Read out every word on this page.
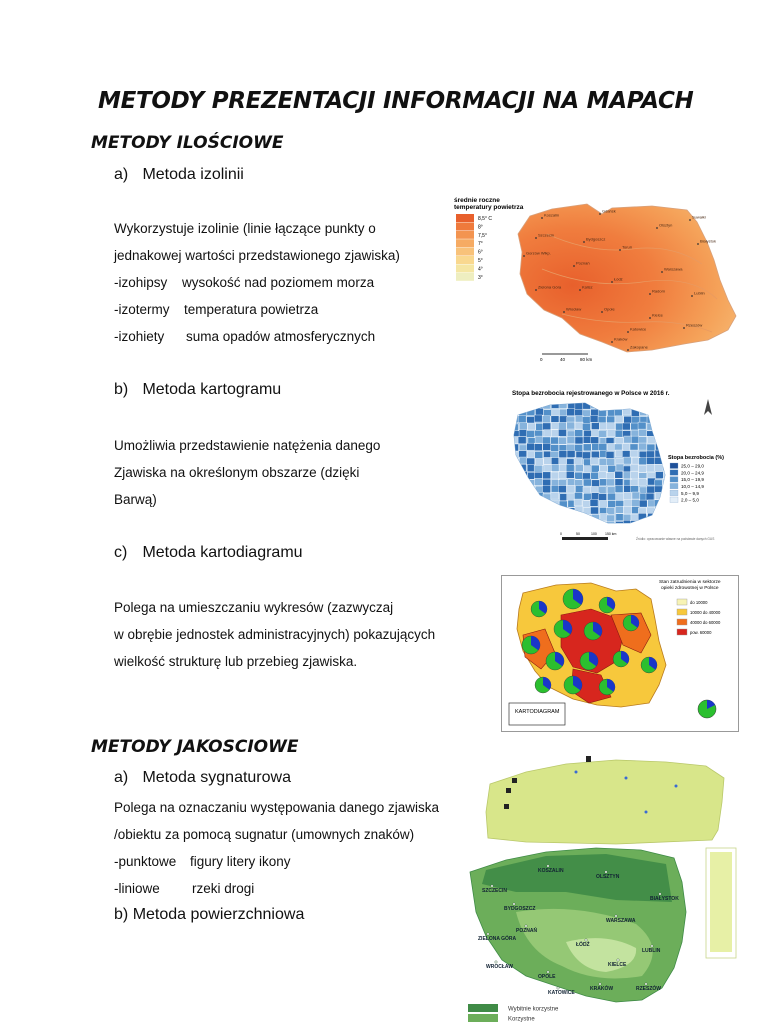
METODY PREZENTACJI INFORMACJI NA MAPACH
METODY ILOŚCIOWE
a) Metoda izolinii
Wykorzystuje izolinie (linie łączące punkty o
jednakowej wartości przedstawionego zjawiska)
-izohipsy wysokość nad poziomem morza
-izotermy temperatura powietrza
-izohiety suma opadów atmosferycznych
b) Metoda kartogramu
Umożliwia przedstawienie natężenia danego
Zjawiska na określonym obszarze (dzięki
Barwą)
c) Metoda kartodiagramu
Polega na umieszczaniu wykresów (zazwyczaj
w obrębie jednostek administracyjnych) pokazujących
wielkość strukturę lub przebieg zjawiska.
METODY JAKOSCIOWE
a) Metoda sygnaturowa
Polega na oznaczaniu występowania danego zjawiska
/obiektu za pomocą sugnatur (umownych znaków)
-punktowe figury litery ikony
-liniowe rzeki drogi
b) Metoda powierzchniowa
średnie roczne
temperatury powietrza
8,5° C
8°
7,5°
7°
6°
5°
4°
3°
Gdańsk
Koszalin
Olsztyn
Suwałki
Szczecin
Bydgoszcz	Białystok
Gorzów Wlkp.
Toruń
Poznań
Warszawa
Łódź
Zielona Góra	Kalisz
Radom	Lublin
Wrocław
Kielce
Opole
Katowice
Rzeszów
Kraków
Zakopane
0	40	80 km
Stopa bezrobocia rejestrowanego w Polsce w 2016 r.
Stopa bezrobocia (%)
25,0 – 29,0
20,0 – 24,9
15,0 – 19,9
10,0 – 14,9
5,0 – 9,9
2,0 – 5,0
0	50	100 150 km
Źródło: opracowanie własne na podstawie danych GUS
Stan zatrudnienia w sektorze
opieki zdrowotnej w Polsce
do 10000
10000 do 40000
40000 do 60000
pow. 60000
KARTODIAGRAM
SZCZECIN
KOSZALIN
OLSZTYN
BYDGOSZCZ
BIAŁYSTOK
POZNAŃ
WARSZAWA
ZIELONA GÓRA
ŁÓDŹ
WROCŁAW	KIELCE
LUBLIN
OPOLE
KATOWICE
KRAKÓW	RZESZÓW
Wybitnie korzystne
Korzystne
